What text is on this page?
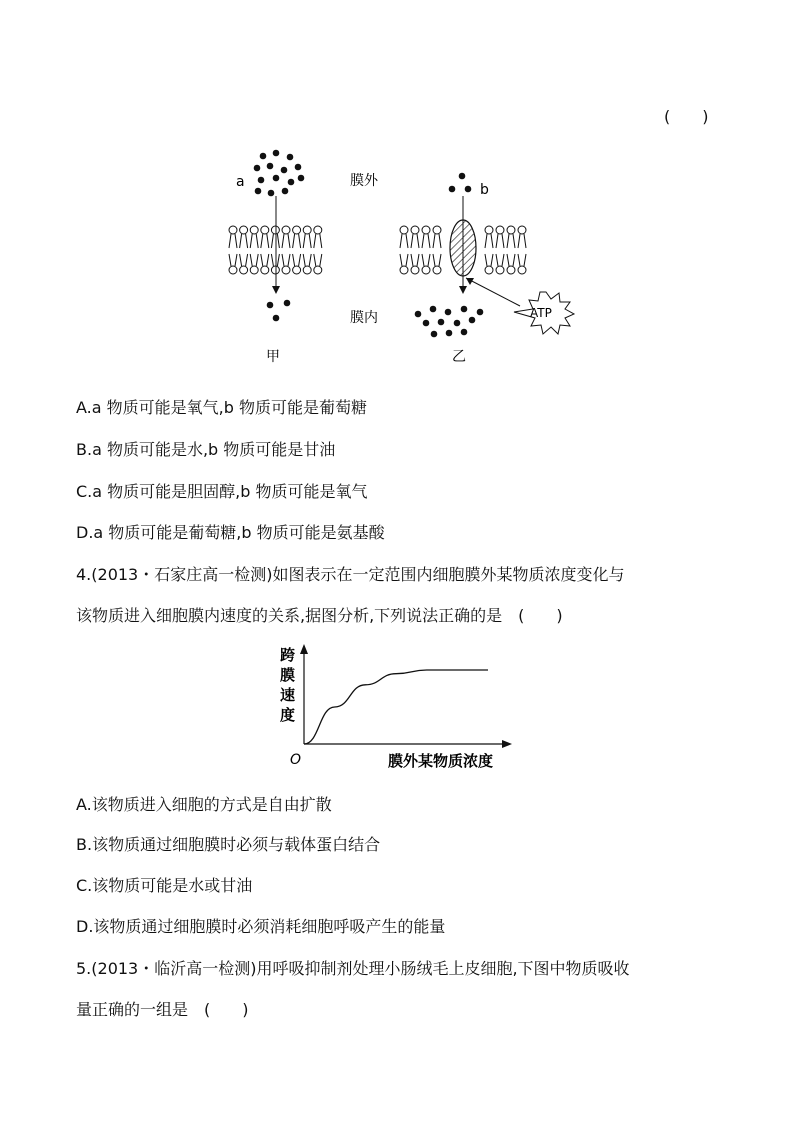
(　　)
a	膜外
膜内
甲
b
ATP
乙
A.a 物质可能是氧气,b 物质可能是葡萄糖
B.a 物质可能是水,b 物质可能是甘油
C.a 物质可能是胆固醇,b 物质可能是氧气
D.a 物质可能是葡萄糖,b 物质可能是氨基酸
4.(2013・石家庄高一检测)如图表示在一定范围内细胞膜外某物质浓度变化与
该物质进入细胞膜内速度的关系,据图分析,下列说法正确的是　(　　)
跨
膜
速
度
O	膜外某物质浓度
A.该物质进入细胞的方式是自由扩散
B.该物质通过细胞膜时必须与载体蛋白结合
C.该物质可能是水或甘油
D.该物质通过细胞膜时必须消耗细胞呼吸产生的能量
5.(2013・临沂高一检测)用呼吸抑制剂处理小肠绒毛上皮细胞,下图中物质吸收
量正确的一组是　(　　)
